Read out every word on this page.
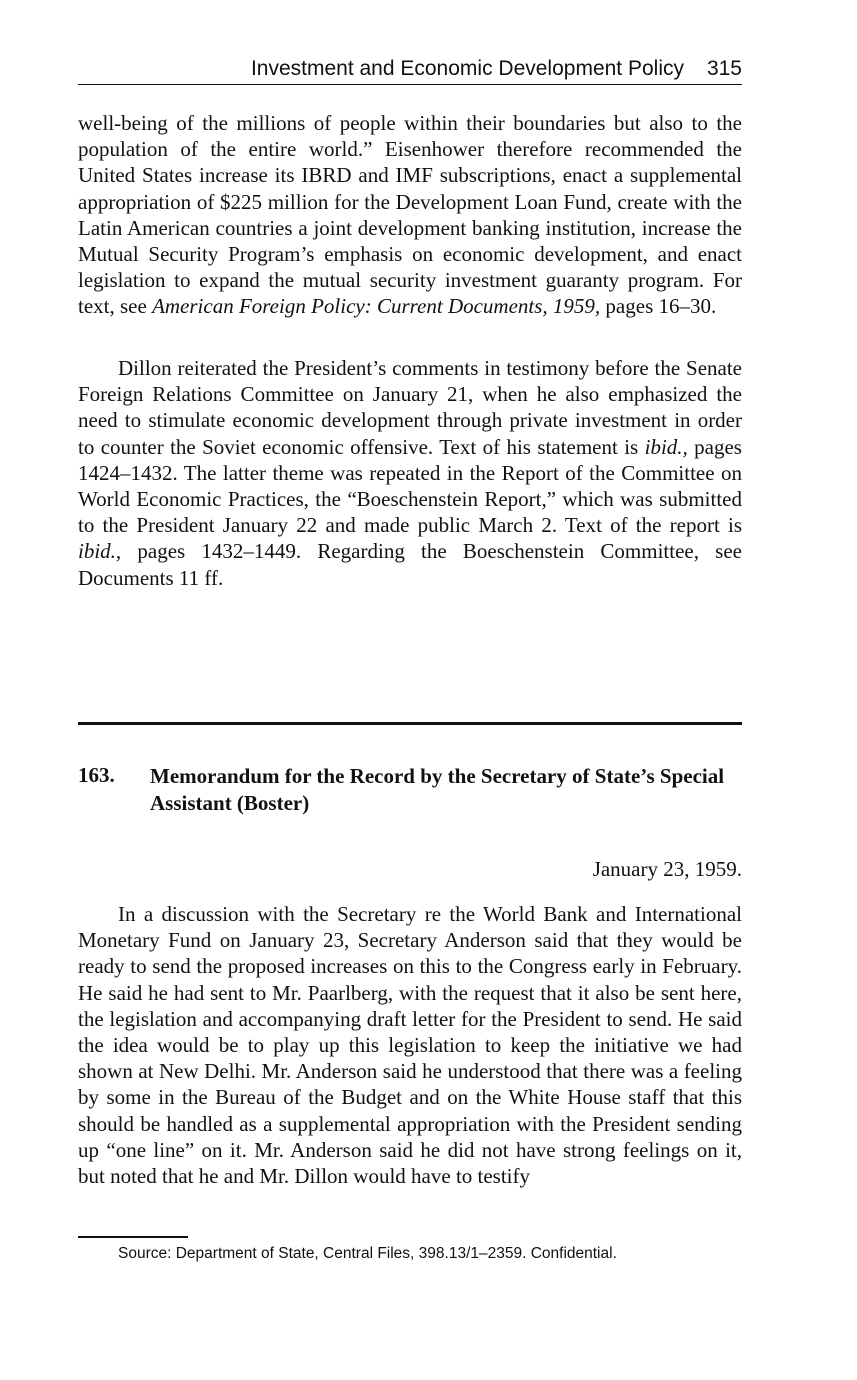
Investment and Economic Development Policy 315
well-being of the millions of people within their boundaries but also to the population of the entire world.” Eisenhower therefore recommended the United States increase its IBRD and IMF subscriptions, enact a supplemental appropriation of $225 million for the Development Loan Fund, create with the Latin American countries a joint development banking institution, increase the Mutual Security Program’s emphasis on economic development, and enact legislation to expand the mutual security investment guaranty program. For text, see American Foreign Policy: Current Documents, 1959, pages 16–30.
Dillon reiterated the President’s comments in testimony before the Senate Foreign Relations Committee on January 21, when he also emphasized the need to stimulate economic development through private investment in order to counter the Soviet economic offensive. Text of his statement is ibid., pages 1424–1432. The latter theme was repeated in the Report of the Committee on World Economic Practices, the “Boeschenstein Report,” which was submitted to the President January 22 and made public March 2. Text of the report is ibid., pages 1432–1449. Regarding the Boeschenstein Committee, see Documents 11 ff.
163. Memorandum for the Record by the Secretary of State’s Special Assistant (Boster)
January 23, 1959.
In a discussion with the Secretary re the World Bank and International Monetary Fund on January 23, Secretary Anderson said that they would be ready to send the proposed increases on this to the Congress early in February. He said he had sent to Mr. Paarlberg, with the request that it also be sent here, the legislation and accompanying draft letter for the President to send. He said the idea would be to play up this legislation to keep the initiative we had shown at New Delhi. Mr. Anderson said he understood that there was a feeling by some in the Bureau of the Budget and on the White House staff that this should be handled as a supplemental appropriation with the President sending up “one line” on it. Mr. Anderson said he did not have strong feelings on it, but noted that he and Mr. Dillon would have to testify
Source: Department of State, Central Files, 398.13/1–2359. Confidential.
